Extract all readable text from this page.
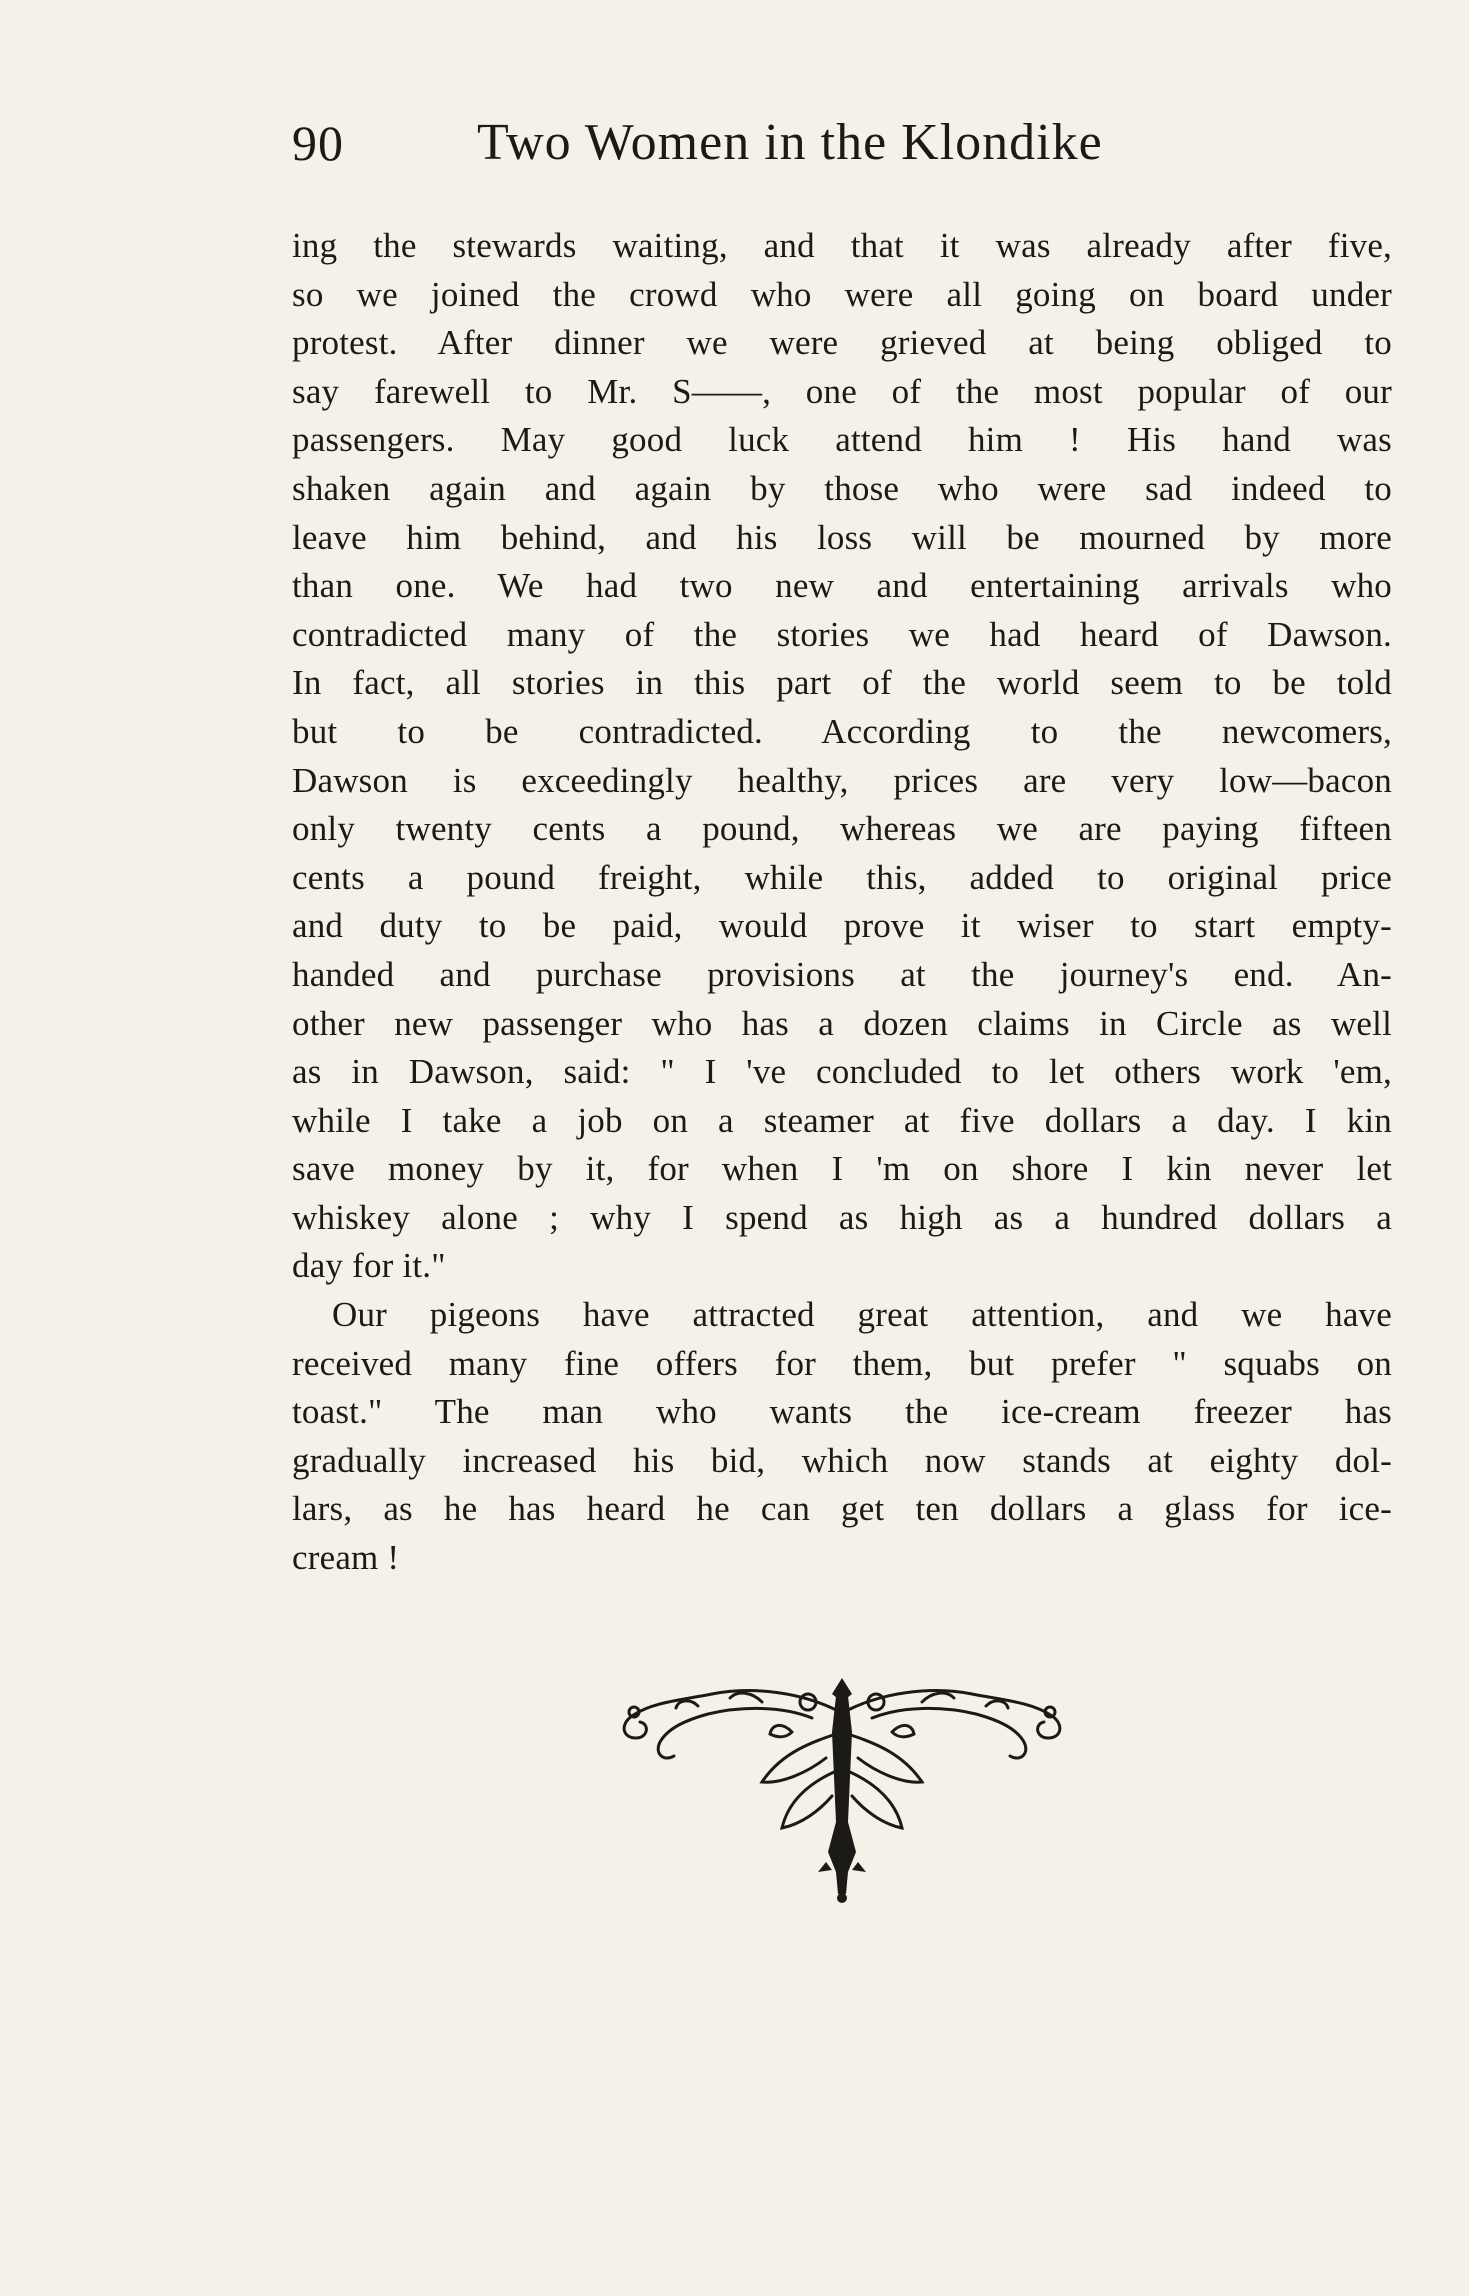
90	Two Women in the Klondike
ing the stewards waiting, and that it was already after five,
so we joined the crowd who were all going on board under
protest. After dinner we were grieved at being obliged to
say farewell to Mr. S——, one of the most popular of our
passengers. May good luck attend him ! His hand was
shaken again and again by those who were sad indeed to
leave him behind, and his loss will be mourned by more
than one. We had two new and entertaining arrivals who
contradicted many of the stories we had heard of Dawson.
In fact, all stories in this part of the world seem to be told
but to be contradicted. According to the newcomers,
Dawson is exceedingly healthy, prices are very low—bacon
only twenty cents a pound, whereas we are paying fifteen
cents a pound freight, while this, added to original price
and duty to be paid, would prove it wiser to start empty-
handed and purchase provisions at the journey's end. An-
other new passenger who has a dozen claims in Circle as well
as in Dawson, said: " I 've concluded to let others work 'em,
while I take a job on a steamer at five dollars a day. I kin
save money by it, for when I 'm on shore I kin never let
whiskey alone ; why I spend as high as a hundred dollars a
day for it."
Our pigeons have attracted great attention, and we have
received many fine offers for them, but prefer " squabs on
toast." The man who wants the ice-cream freezer has
gradually increased his bid, which now stands at eighty dol-
lars, as he has heard he can get ten dollars a glass for ice-
cream !
